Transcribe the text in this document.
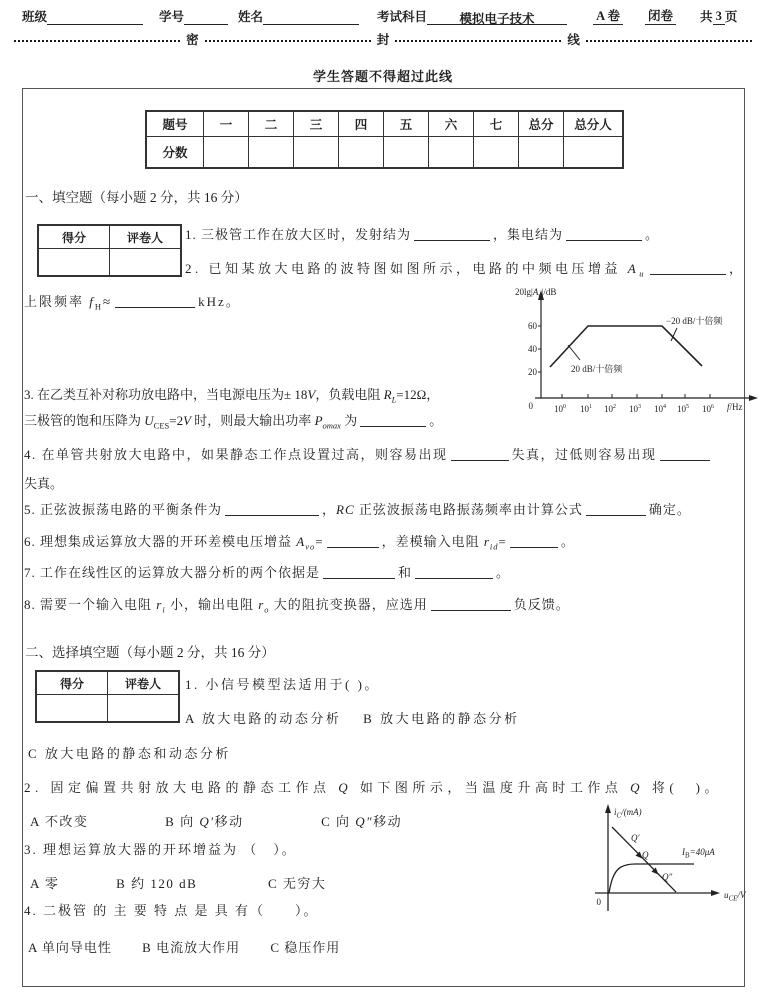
班级	学号	姓名	考试科目	模拟电子技术	A 卷 闭卷 共 3 页
密	封	线
学生答题不得超过此线
题号	一	二	三	四	五	六	七	总分	总分人
分数									
一、填空题（每小题 2 分，共 16 分）
得分	评卷人
	1. 三极管工作在放大区时，发射结为	，集电结为	。
2. 已知某放大电路的波特图如图所示，电路的中频电压增益 $A_u$	，
上限频率 $f_H\approx$	kHz。
3. 在乙类互补对称功放电路中，当电源电压为± 18V，负载电阻 $R_L=12\Omega$，
三极管的饱和压降为 $U_{CES}=2V$ 时，则最大输出功率 $P_{omax}$ 为	。
4. 在单管共射放大电路中，如果静态工作点设置过高，则容易出现	失真，过低则容易出现
失真。
5. 正弦波振荡电路的平衡条件为	，RC 正弦波振荡电路振荡频率由计算公式	确定。
6. 理想集成运算放大器的开环差模电压增益 $A_{vo}=$	，差模输入电阻 $r_{id}=$	。
7. 工作在线性区的运算放大器分析的两个依据是	和	。
8. 需要一个输入电阻 $r_i$ 小，输出电阻 $r_o$ 大的阻抗变换器，应选用	负反馈。
20lg|A |/dB
60
40
20
0 $10^0$ $10^1$ $10^2$ $10^3$ $10^4$ $10^5$ $10^6$ f/Hz
20 dB/十倍频
−20 dB/十倍频
二、选择填空题（每小题 2 分，共 16 分）
得分	评卷人
	1. 小信号模型法适用于( )。
A 放大电路的动态分析 B 放大电路的静态分析
C 放大电路的静态和动态分析
2. 固定偏置共射放大电路的静态工作点 Q 如下图所示，当温度升高时工作点 Q 将(　)。
A 不改变	B 向 Q′移动	C 向 Q″移动
3. 理想运算放大器的开环增益为 （　）。
A 零	B 约 120 dB	C 无穷大
4. 二极管 的 主 要 特 点 是 具 有（　　）。
A 单向导电性 B 电流放大作用 C 稳压作用
$i_C/(mA)$
$u_{CE}/V$
0
Q′
Q
Q″
$I_B=40\mu A$
